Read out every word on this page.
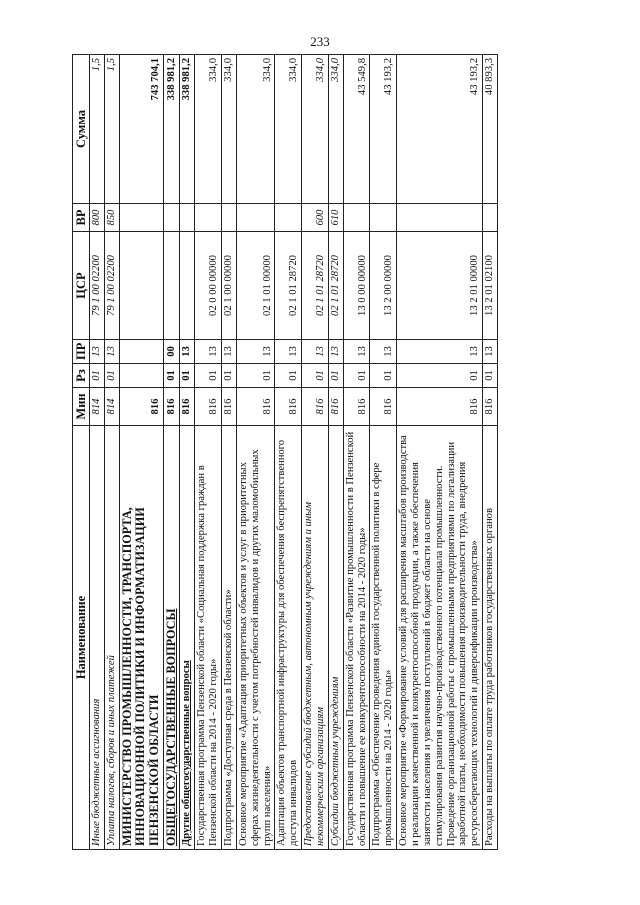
233
Наименование	Мин	Рз	ПР	ЦСР	ВР	Сумма
Иные бюджетные ассигнования	814	01	13	79 1 00 02200	800	1,5
Уплата налогов, сборов и иных платежей	814	01	13	79 1 00 02200	850	1,5
МИНИСТЕРСТВО ПРОМЫШЛЕННОСТИ, ТРАНСПОРТА, ИННОВАЦИОННОЙ ПОЛИТИКИ И ИНФОРМАТИЗАЦИИ ПЕНЗЕНСКОЙ ОБЛАСТИ	816					743 704,1
ОБЩЕГОСУДАРСТВЕННЫЕ ВОПРОСЫ	816	01	00			338 981,2
Другие общегосударственные вопросы	816	01	13			338 981,2
Государственная программа Пензенской области «Социальная поддержка граждан в Пензенской области на 2014 - 2020 годы»	816	01	13	02 0 00 00000		334,0
Подпрограмма «Доступная среда в Пензенской области»	816	01	13	02 1 00 00000		334,0
Основное мероприятие «Адаптация приоритетных объектов и услуг в приоритетных сферах жизнедеятельности с учетом потребностей инвалидов и других маломобильных групп населения»	816	01	13	02 1 01 00000		334,0
Адаптация объектов транспортной инфраструктуры для обеспечения беспрепятственного доступа инвалидов	816	01	13	02 1 01 28720		334,0
Предоставление субсидий бюджетным, автономным учреждениям и иным некоммерческим организациям	816	01	13	02 1 01 28720	600	334,0
Субсидии бюджетным учреждениям	816	01	13	02 1 01 28720	610	334,0
Государственная программа Пензенской области «Развитие промышленности в Пензенской области и повышение ее конкурентоспособности на 2014 - 2020 годы»	816	01	13	13 0 00 00000		43 549,8
Подпрограмма «Обеспечение проведения единой государственной политики в сфере промышленности на 2014 - 2020 годы»	816	01	13	13 2 00 00000		43 193,2
Основное мероприятие «Формирование условий для расширения масштабов производства и реализации качественной и конкурентоспособной продукции, а также обеспечения занятости населения и увеличения поступлений в бюджет области на основе стимулирования развития научно-производственного потенциала промышленности. Проведение организационной работы с промышленными предприятиями по легализации заработной платы, необходимости повышения производительности труда, внедрения ресурсосберегающих технологий и диверсификации производства»	816	01	13	13 2 01 00000		43 193,2
Расходы на выплаты по оплате труда работников государственных органов	816	01	13	13 2 01 02100		40 893,3
